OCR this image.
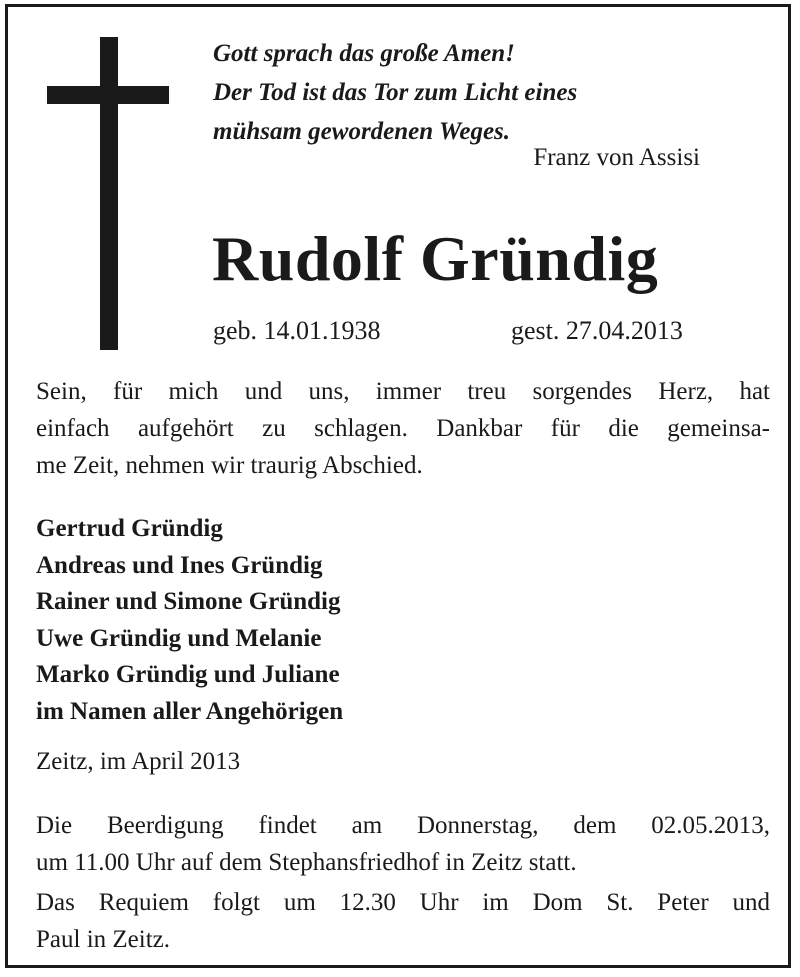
Gott sprach das große Amen!
Der Tod ist das Tor zum Licht eines
mühsam gewordenen Weges.
Franz von Assisi
Rudolf Gründig
geb. 14.01.1938	gest. 27.04.2013
Sein, für mich und uns, immer treu sorgendes Herz, hat
einfach aufgehört zu schlagen. Dankbar für die gemeinsa-
me Zeit, nehmen wir traurig Abschied.
Gertrud Gründig
Andreas und Ines Gründig
Rainer und Simone Gründig
Uwe Gründig und Melanie
Marko Gründig und Juliane
im Namen aller Angehörigen
Zeitz, im April 2013
Die Beerdigung findet am Donnerstag, dem 02.05.2013,
um 11.00 Uhr auf dem Stephansfriedhof in Zeitz statt.
Das Requiem folgt um 12.30 Uhr im Dom St. Peter und
Paul in Zeitz.
